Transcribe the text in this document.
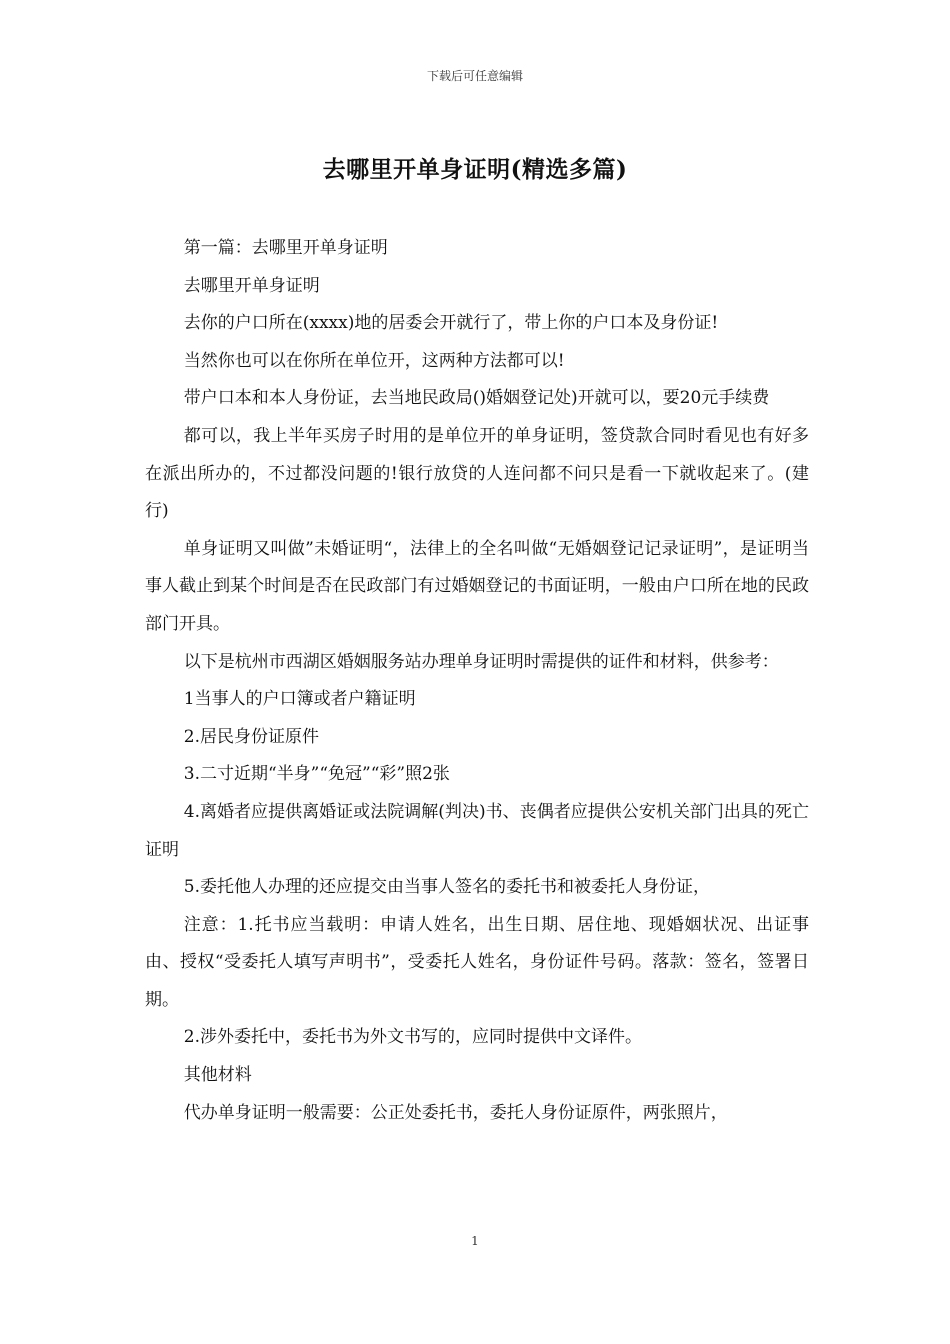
下载后可任意编辑
去哪里开单身证明(精选多篇)

第一篇：去哪里开单身证明

去哪里开单身证明

去你的户口所在(xxxx)地的居委会开就行了，带上你的户口本及身份证!

当然你也可以在你所在单位开，这两种方法都可以!

带户口本和本人身份证，去当地民政局()婚姻登记处)开就可以，要20元手续费

都可以，我上半年买房子时用的是单位开的单身证明，签贷款合同时看见也有好多在派出所办的，不过都没问题的!银行放贷的人连问都不问只是看一下就收起来了。(建行)

单身证明又叫做”未婚证明“，法律上的全名叫做“无婚姻登记记录证明”，是证明当事人截止到某个时间是否在民政部门有过婚姻登记的书面证明，一般由户口所在地的民政部门开具。

以下是杭州市西湖区婚姻服务站办理单身证明时需提供的证件和材料，供参考：

1当事人的户口簿或者户籍证明

2.居民身份证原件

3.二寸近期“半身”“免冠”“彩”照2张

4.离婚者应提供离婚证或法院调解(判决)书、丧偶者应提供公安机关部门出具的死亡证明

5.委托他人办理的还应提交由当事人签名的委托书和被委托人身份证，

注意：1.托书应当载明：申请人姓名，出生日期、居住地、现婚姻状况、出证事由、授权“受委托人填写声明书”，受委托人姓名，身份证件号码。落款：签名，签署日期。

2.涉外委托中，委托书为外文书写的，应同时提供中文译件。

其他材料

代办单身证明一般需要：公正处委托书，委托人身份证原件，两张照片，

1
